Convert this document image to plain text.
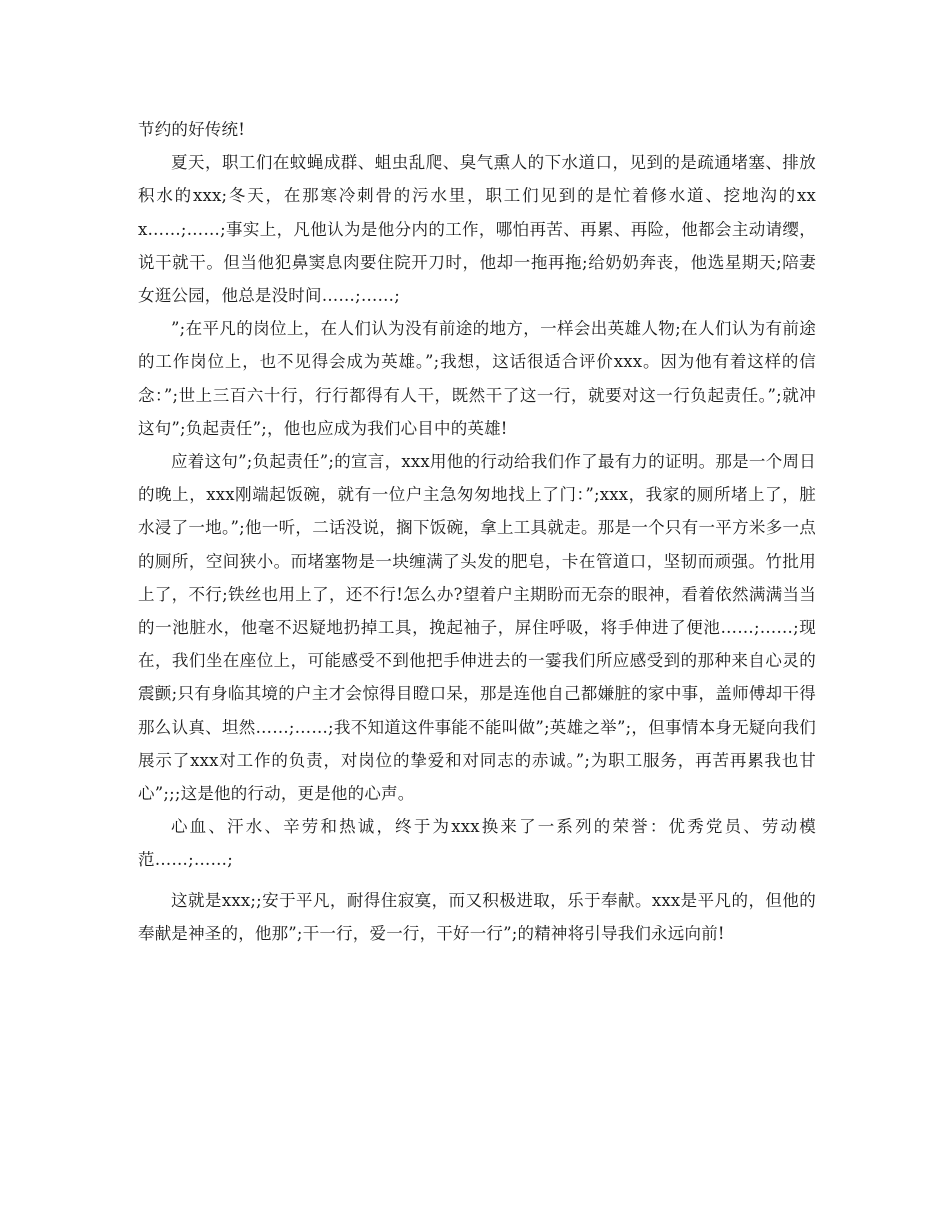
节约的好传统!

夏天，职工们在蚊蝇成群、蛆虫乱爬、臭气熏人的下水道口，见到的是疏通堵塞、排放积水的xxx;冬天，在那寒冷刺骨的污水里，职工们见到的是忙着修水道、挖地沟的xxx……;……;事实上，凡他认为是他分内的工作，哪怕再苦、再累、再险，他都会主动请缨，说干就干。但当他犯鼻窦息肉要住院开刀时，他却一拖再拖;给奶奶奔丧，他选星期天;陪妻女逛公园，他总是没时间……;……;

”;在平凡的岗位上，在人们认为没有前途的地方，一样会出英雄人物;在人们认为有前途的工作岗位上，也不见得会成为英雄。”;我想，这话很适合评价xxx。因为他有着这样的信念：”;世上三百六十行，行行都得有人干，既然干了这一行，就要对这一行负起责任。”;就冲这句”;负起责任”;，他也应成为我们心目中的英雄!

应着这句”;负起责任”;的宣言，xxx用他的行动给我们作了最有力的证明。那是一个周日的晚上，xxx刚端起饭碗，就有一位户主急匆匆地找上了门：”;xxx，我家的厕所堵上了，脏水浸了一地。”;他一听，二话没说，搁下饭碗，拿上工具就走。那是一个只有一平方米多一点的厕所，空间狭小。而堵塞物是一块缠满了头发的肥皂，卡在管道口，坚韧而顽强。竹批用上了，不行;铁丝也用上了，还不行!怎么办?望着户主期盼而无奈的眼神，看着依然满满当当的一池脏水，他毫不迟疑地扔掉工具，挽起袖子，屏住呼吸，将手伸进了便池……;……;现在，我们坐在座位上，可能感受不到他把手伸进去的一霎我们所应感受到的那种来自心灵的震颤;只有身临其境的户主才会惊得目瞪口呆，那是连他自己都嫌脏的家中事，盖师傅却干得那么认真、坦然……;……;我不知道这件事能不能叫做”;英雄之举”;，但事情本身无疑向我们展示了xxx对工作的负责，对岗位的挚爱和对同志的赤诚。”;为职工服务，再苦再累我也甘心”;;;这是他的行动，更是他的心声。

心血、汗水、辛劳和热诚，终于为xxx换来了一系列的荣誉：优秀党员、劳动模范……;……;

这就是xxx;;安于平凡，耐得住寂寞，而又积极进取，乐于奉献。xxx是平凡的，但他的奉献是神圣的，他那”;干一行，爱一行，干好一行”;的精神将引导我们永远向前!
